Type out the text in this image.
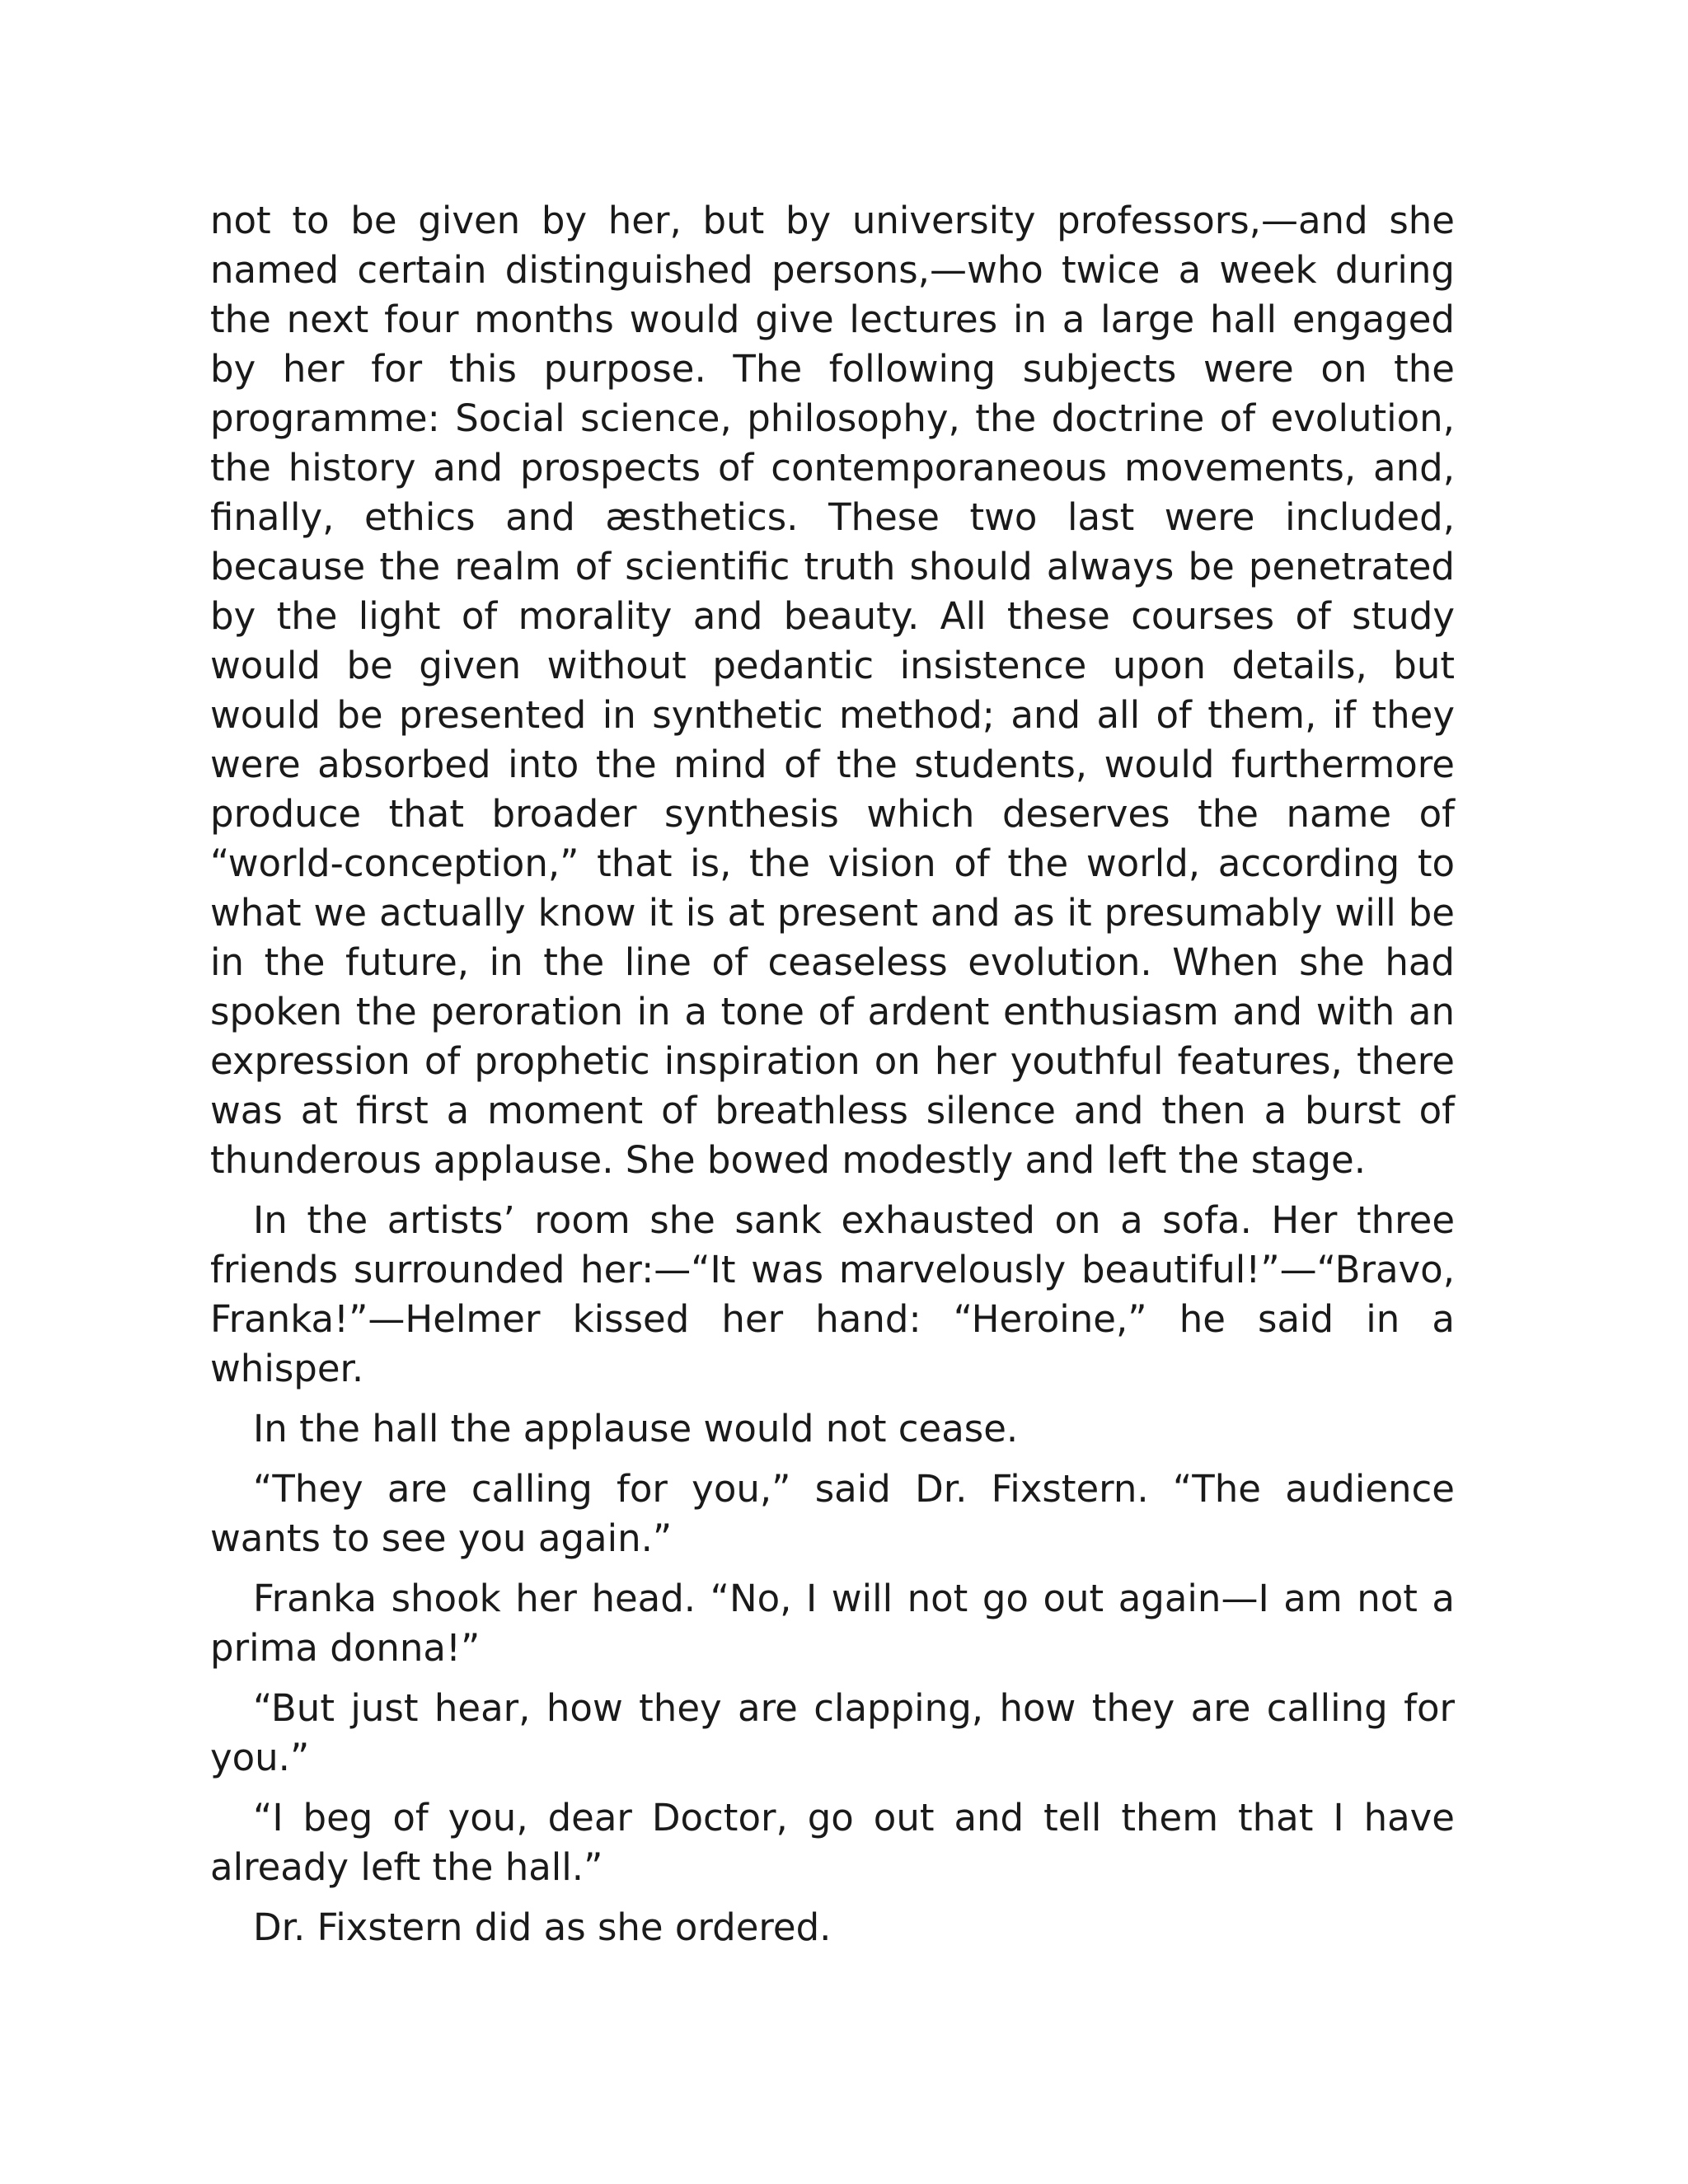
not to be given by her, but by university professors,—and she named certain distinguished persons,—who twice a week during the next four months would give lectures in a large hall engaged by her for this purpose. The following subjects were on the programme: Social science, philosophy, the doctrine of evolution, the history and prospects of contemporaneous movements, and, finally, ethics and æsthetics. These two last were included, because the realm of scientific truth should always be penetrated by the light of morality and beauty. All these courses of study would be given without pedantic insistence upon details, but would be presented in synthetic method; and all of them, if they were absorbed into the mind of the students, would furthermore produce that broader synthesis which deserves the name of “world-conception,” that is, the vision of the world, according to what we actually know it is at present and as it presumably will be in the future, in the line of ceaseless evolution. When she had spoken the peroration in a tone of ardent enthusiasm and with an expression of prophetic inspiration on her youthful features, there was at first a moment of breathless silence and then a burst of thunderous applause. She bowed modestly and left the stage.

In the artists’ room she sank exhausted on a sofa. Her three friends surrounded her:—“It was marvelously beautiful!”—“Bravo, Franka!”—Helmer kissed her hand: “Heroine,” he said in a whisper.

In the hall the applause would not cease.

“They are calling for you,” said Dr. Fixstern. “The audience wants to see you again.”

Franka shook her head. “No, I will not go out again—I am not a prima donna!”

“But just hear, how they are clapping, how they are calling for you.”

“I beg of you, dear Doctor, go out and tell them that I have already left the hall.”

Dr. Fixstern did as she ordered.
